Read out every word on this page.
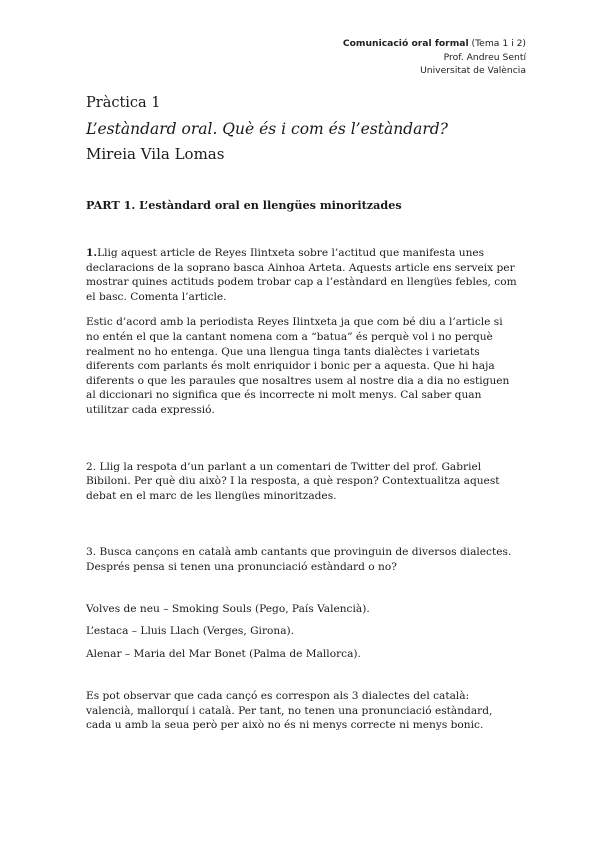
Comunicació oral formal (Tema 1 i 2)
Prof. Andreu Sentí
Universitat de València
Pràctica 1
L’estàndard oral. Què és i com és l’estàndard?
Mireia Vila Lomas

PART 1. L’estàndard oral en llengües minoritzades

1.Llig aquest article de Reyes Ilintxeta sobre l’actitud que manifesta unes declaracions de la soprano basca Ainhoa Arteta. Aquests article ens serveix per mostrar quines actituds podem trobar cap a l’estàndard en llengües febles, com el basc. Comenta l’article.

Estic d’acord amb la periodista Reyes Ilintxeta ja que com bé diu a l’article si no entén el que la cantant nomena com a “batua” és perquè vol i no perquè realment no ho entenga. Que una llengua tinga tants dialèctes i varietats diferents com parlants és molt enriquidor i bonic per a aquesta. Que hi haja diferents o que les paraules que nosaltres usem al nostre dia a dia no estiguen al diccionari no significa que és incorrecte ni molt menys. Cal saber quan utilitzar cada expressió.

2. Llig la respota d’un parlant a un comentari de Twitter del prof. Gabriel Bibiloni. Per què diu això? I la resposta, a què respon? Contextualitza aquest debat en el marc de les llengües minoritzades.

3. Busca cançons en català amb cantants que provinguin de diversos dialectes. Després pensa si tenen una pronunciació estàndard o no?

Volves de neu – Smoking Souls (Pego, País Valencià).

L’estaca – Lluis Llach (Verges, Girona).

Alenar – Maria del Mar Bonet (Palma de Mallorca).

Es pot observar que cada cançó es correspon als 3 dialectes del català: valencià, mallorquí i català. Per tant, no tenen una pronunciació estàndard, cada u amb la seua però per això no és ni menys correcte ni menys bonic.
